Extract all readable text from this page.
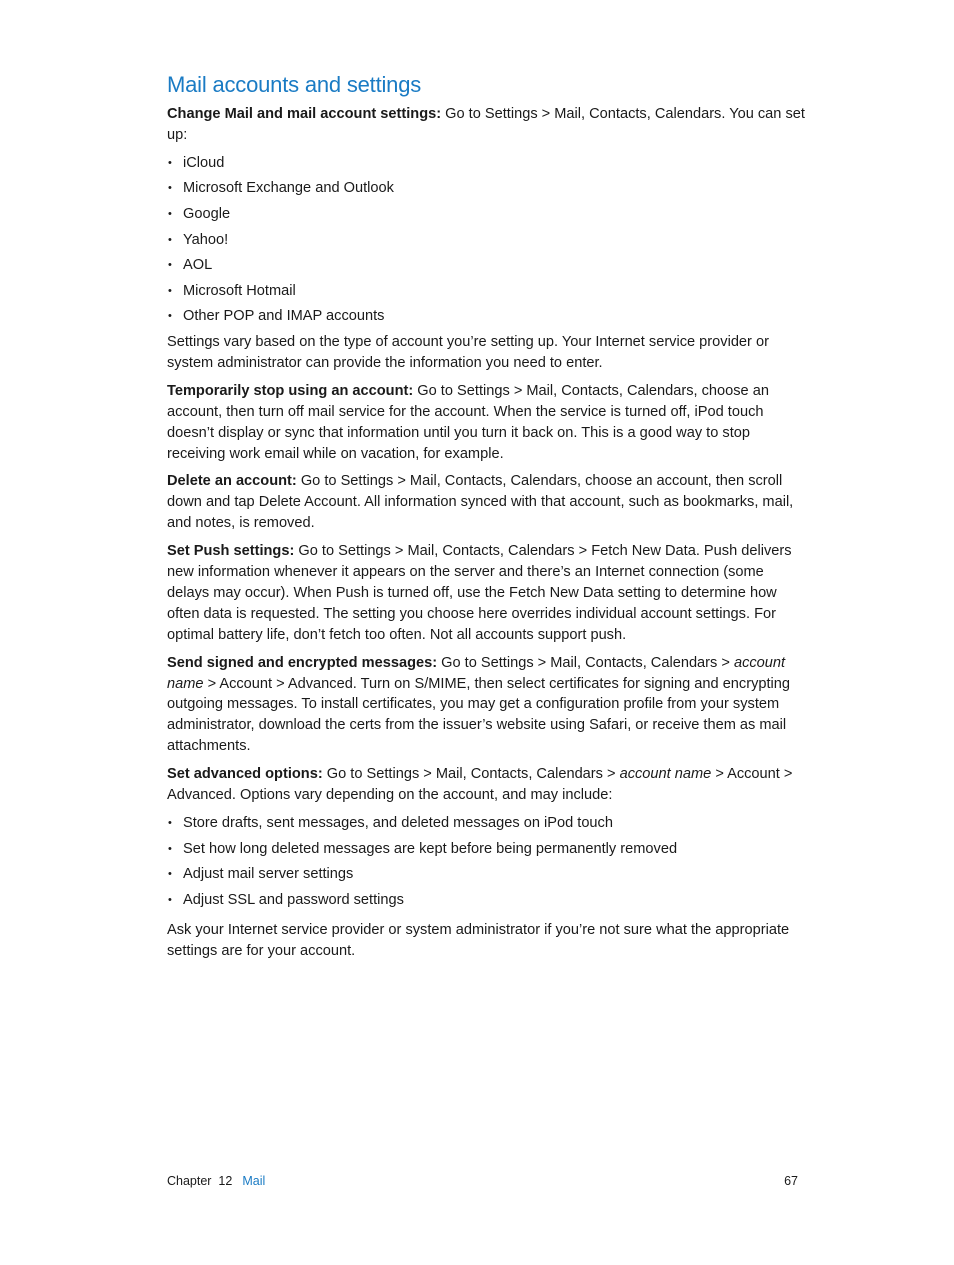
Mail accounts and settings

Change Mail and mail account settings: Go to Settings > Mail, Contacts, Calendars. You can set up:

• iCloud
• Microsoft Exchange and Outlook
• Google
• Yahoo!
• AOL
• Microsoft Hotmail
• Other POP and IMAP accounts

Settings vary based on the type of account you’re setting up. Your Internet service provider or system administrator can provide the information you need to enter.

Temporarily stop using an account: Go to Settings > Mail, Contacts, Calendars, choose an account, then turn off mail service for the account. When the service is turned off, iPod touch doesn’t display or sync that information until you turn it back on. This is a good way to stop receiving work email while on vacation, for example.

Delete an account: Go to Settings > Mail, Contacts, Calendars, choose an account, then scroll down and tap Delete Account. All information synced with that account, such as bookmarks, mail, and notes, is removed.

Set Push settings: Go to Settings > Mail, Contacts, Calendars > Fetch New Data. Push delivers new information whenever it appears on the server and there’s an Internet connection (some delays may occur). When Push is turned off, use the Fetch New Data setting to determine how often data is requested. The setting you choose here overrides individual account settings. For optimal battery life, don’t fetch too often. Not all accounts support push.

Send signed and encrypted messages: Go to Settings > Mail, Contacts, Calendars > account name > Account > Advanced. Turn on S/MIME, then select certificates for signing and encrypting outgoing messages. To install certificates, you may get a configuration profile from your system administrator, download the certs from the issuer’s website using Safari, or receive them as mail attachments.

Set advanced options: Go to Settings > Mail, Contacts, Calendars > account name > Account > Advanced. Options vary depending on the account, and may include:

• Store drafts, sent messages, and deleted messages on iPod touch
• Set how long deleted messages are kept before being permanently removed
• Adjust mail server settings
• Adjust SSL and password settings

Ask your Internet service provider or system administrator if you’re not sure what the appropriate settings are for your account.

Chapter  12 Mail	67
